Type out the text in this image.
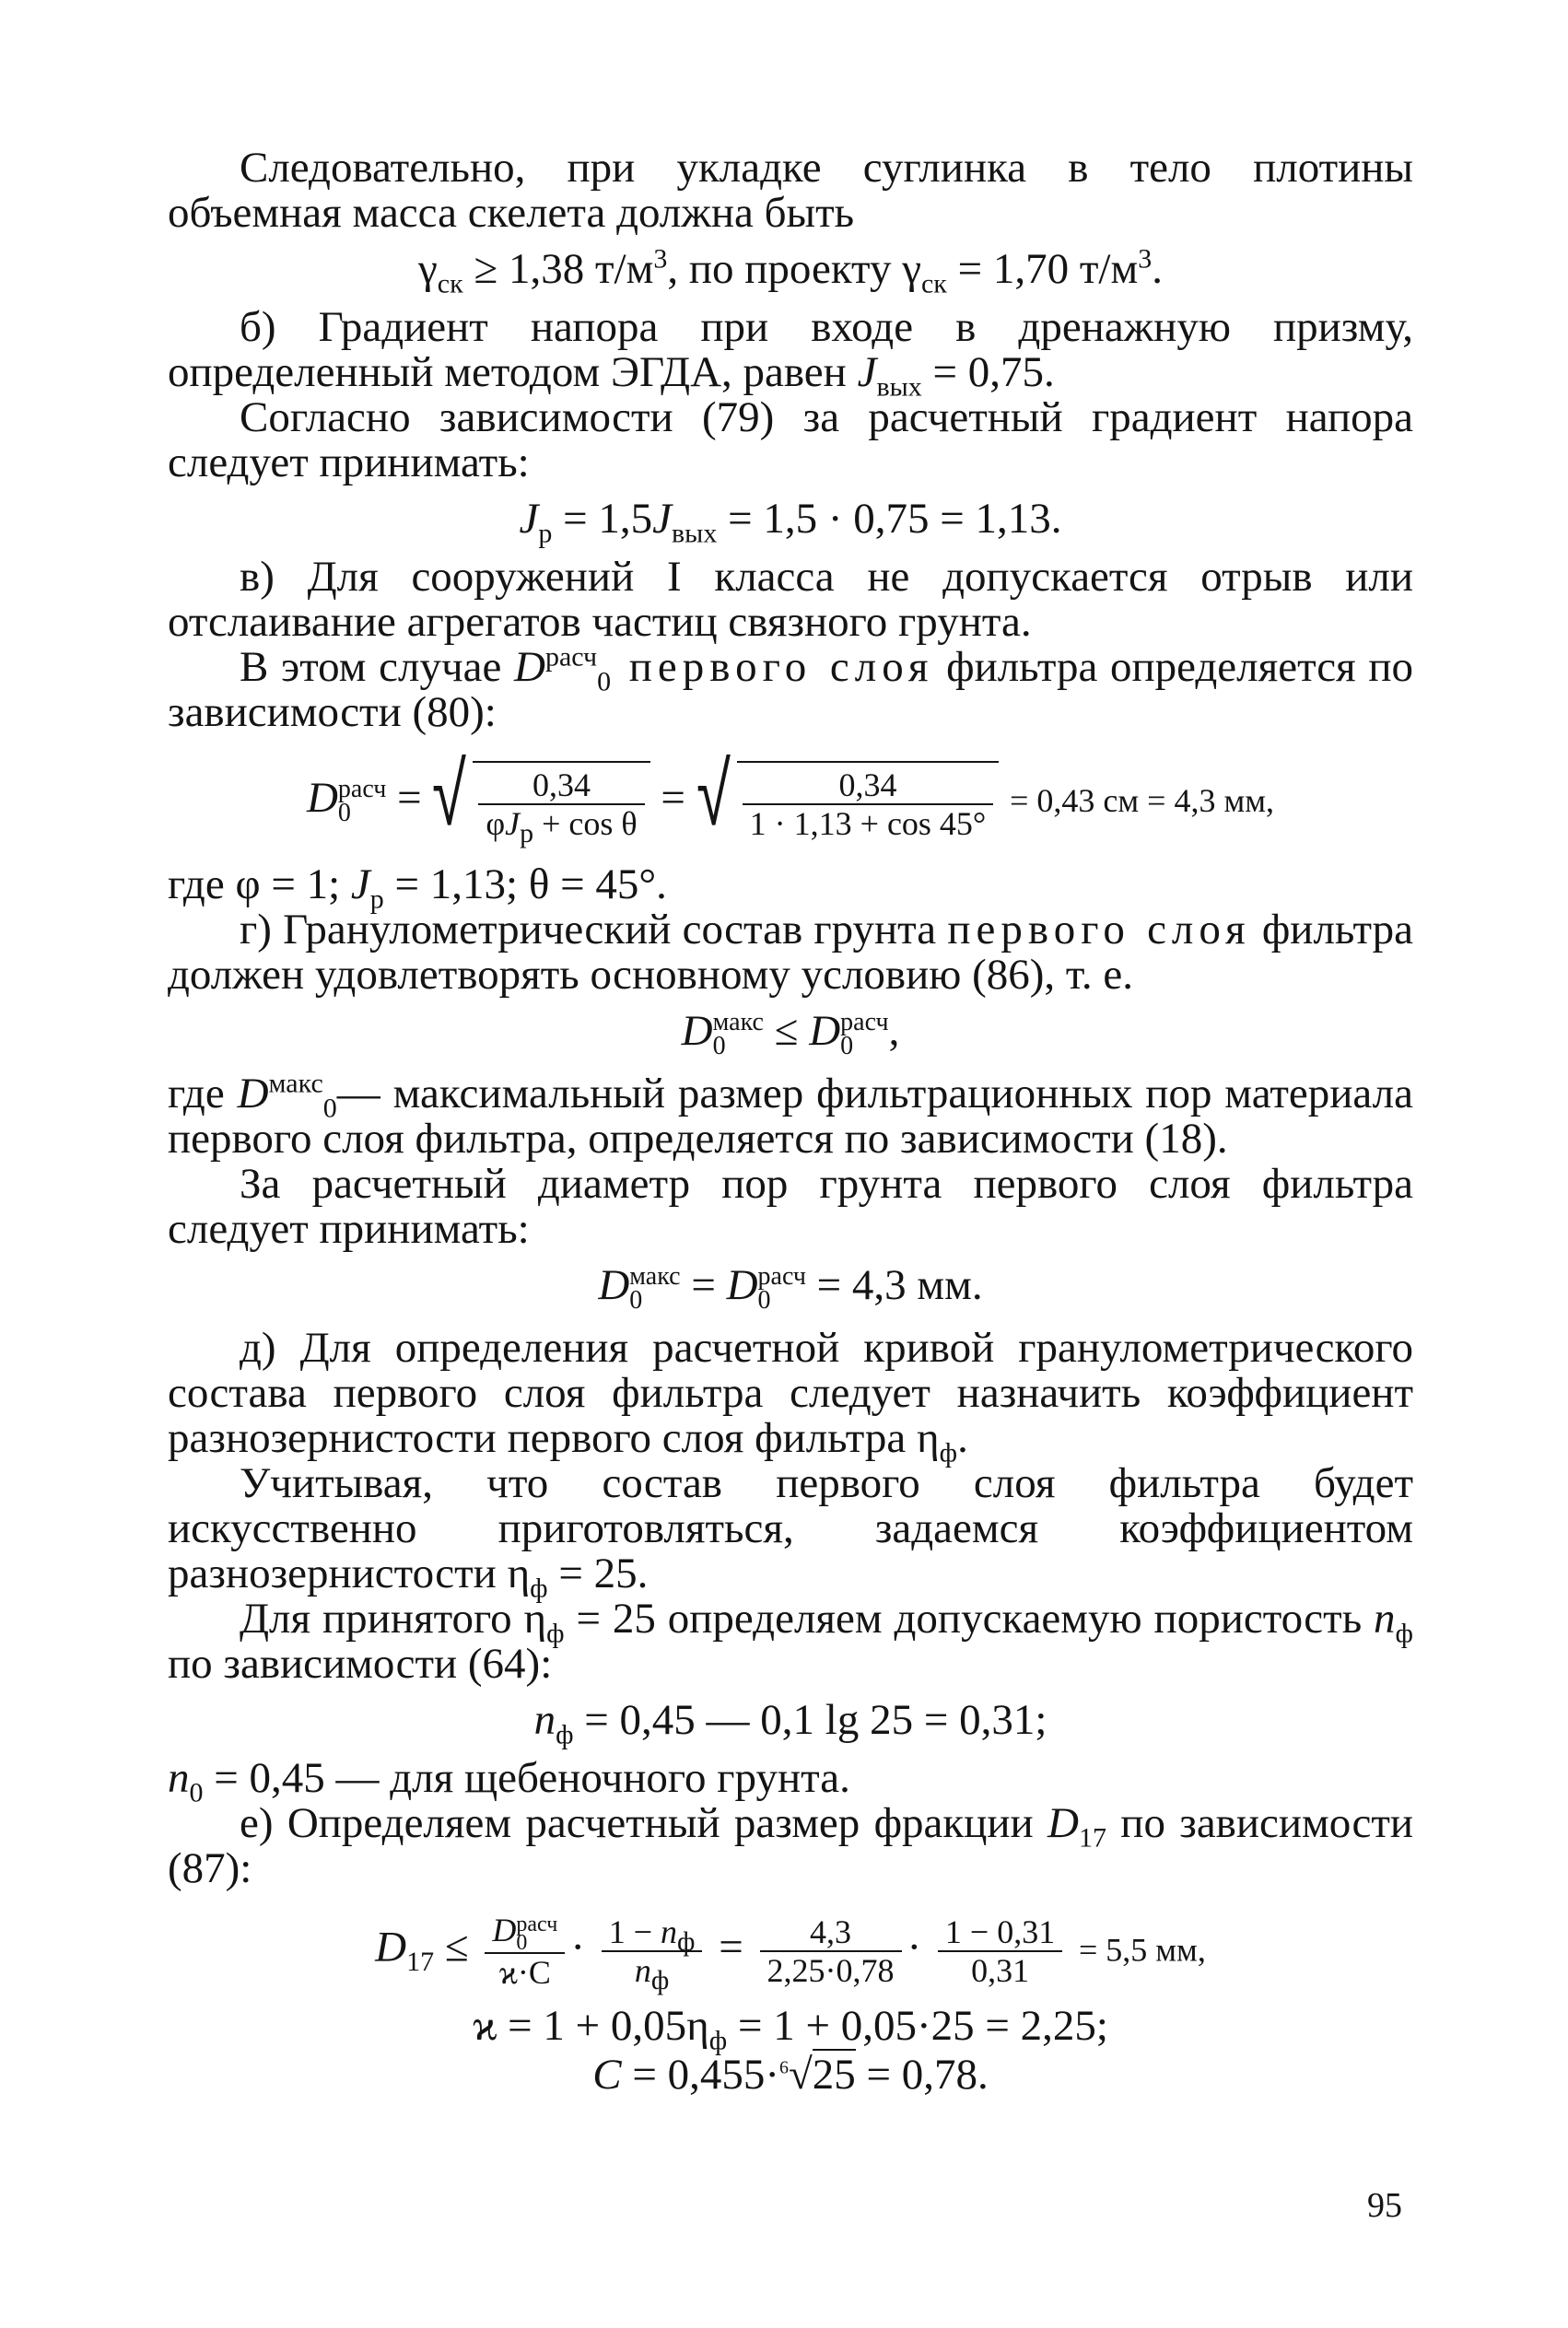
Следовательно, при укладке суглинка в тело плотины объемная масса скелета должна быть

$\gamma_{ск} \ge 1,38$ $т/м^3$, по проекту $\gamma_{ск} = 1,70$ $т/м^3$.

б) Градиент напора при входе в дренажную призму, определенный методом ЭГДА, равен $J_{вых} = 0,75$.

Согласно зависимости (79) за расчетный градиент напора следует принимать:

$J_р = 1,5J_{вых} = 1,5 \cdot 0,75 = 1,13$.

в) Для сооружений I класса не допускается отрыв или отслаивание агрегатов частиц связного грунта.

В этом случае $D^{расч}_0$ первого слоя фильтра определяется по зависимости (80):

D расч
0	= √ $\frac{0,34}{\varphi J_р + \cos \theta}$ = √ $\frac{0,34}{1 \cdot 1,13 + \cos 45^\circ} = 0,43$ см = 4,3 мм,

где φ = 1; $J_р = 1,13$; θ = 45°.

г) Гранулометрический состав грунта первого слоя фильтра должен удовлетворять основному условию (86), т. е.

D макс
0	≤ D расч
0 ,

где $D^{макс}_0—$ максимальный размер фильтрационных пор материала первого слоя фильтра, определяется по зависимости (18).

За расчетный диаметр пор грунта первого слоя фильтра следует принимать:

D макс
0	= D расч
0 = 4,3 мм.

д) Для определения расчетной кривой гранулометрического состава первого слоя фильтра следует назначить коэффициент разнозернистости первого слоя фильтра $\eta_ф$.

Учитывая, что состав первого слоя фильтра будет искусственно приготовляться, задаемся коэффициентом разнозернистости $\eta_ф = 25$.

Для принятого $\eta_ф = 25$ определяем допускаемую пористость $n_ф$ по зависимости (64):

$n_ф = 0,45$ — 0,1 lg 25 = 0,31;

$n_0 = 0,45$ — для щебеночного грунта.

е) Определяем расчетный размер фракции $D_{17}$ по зависимости (87):

$D_{17} \le D$ расч
0
$ϰ\cdot C \cdot \frac{1 - n_ф}{n_ф} = \frac{4,3}{2,25\cdot 0,78} \cdot \frac{1 - 0,31}{0,31} = 5,5$ мм,
$ϰ = 1 + 0,05\eta_ф = 1 + 0,05\cdot 25 = 2,25$;
C = 0,455·$^6$√25 = 0,78.
95
